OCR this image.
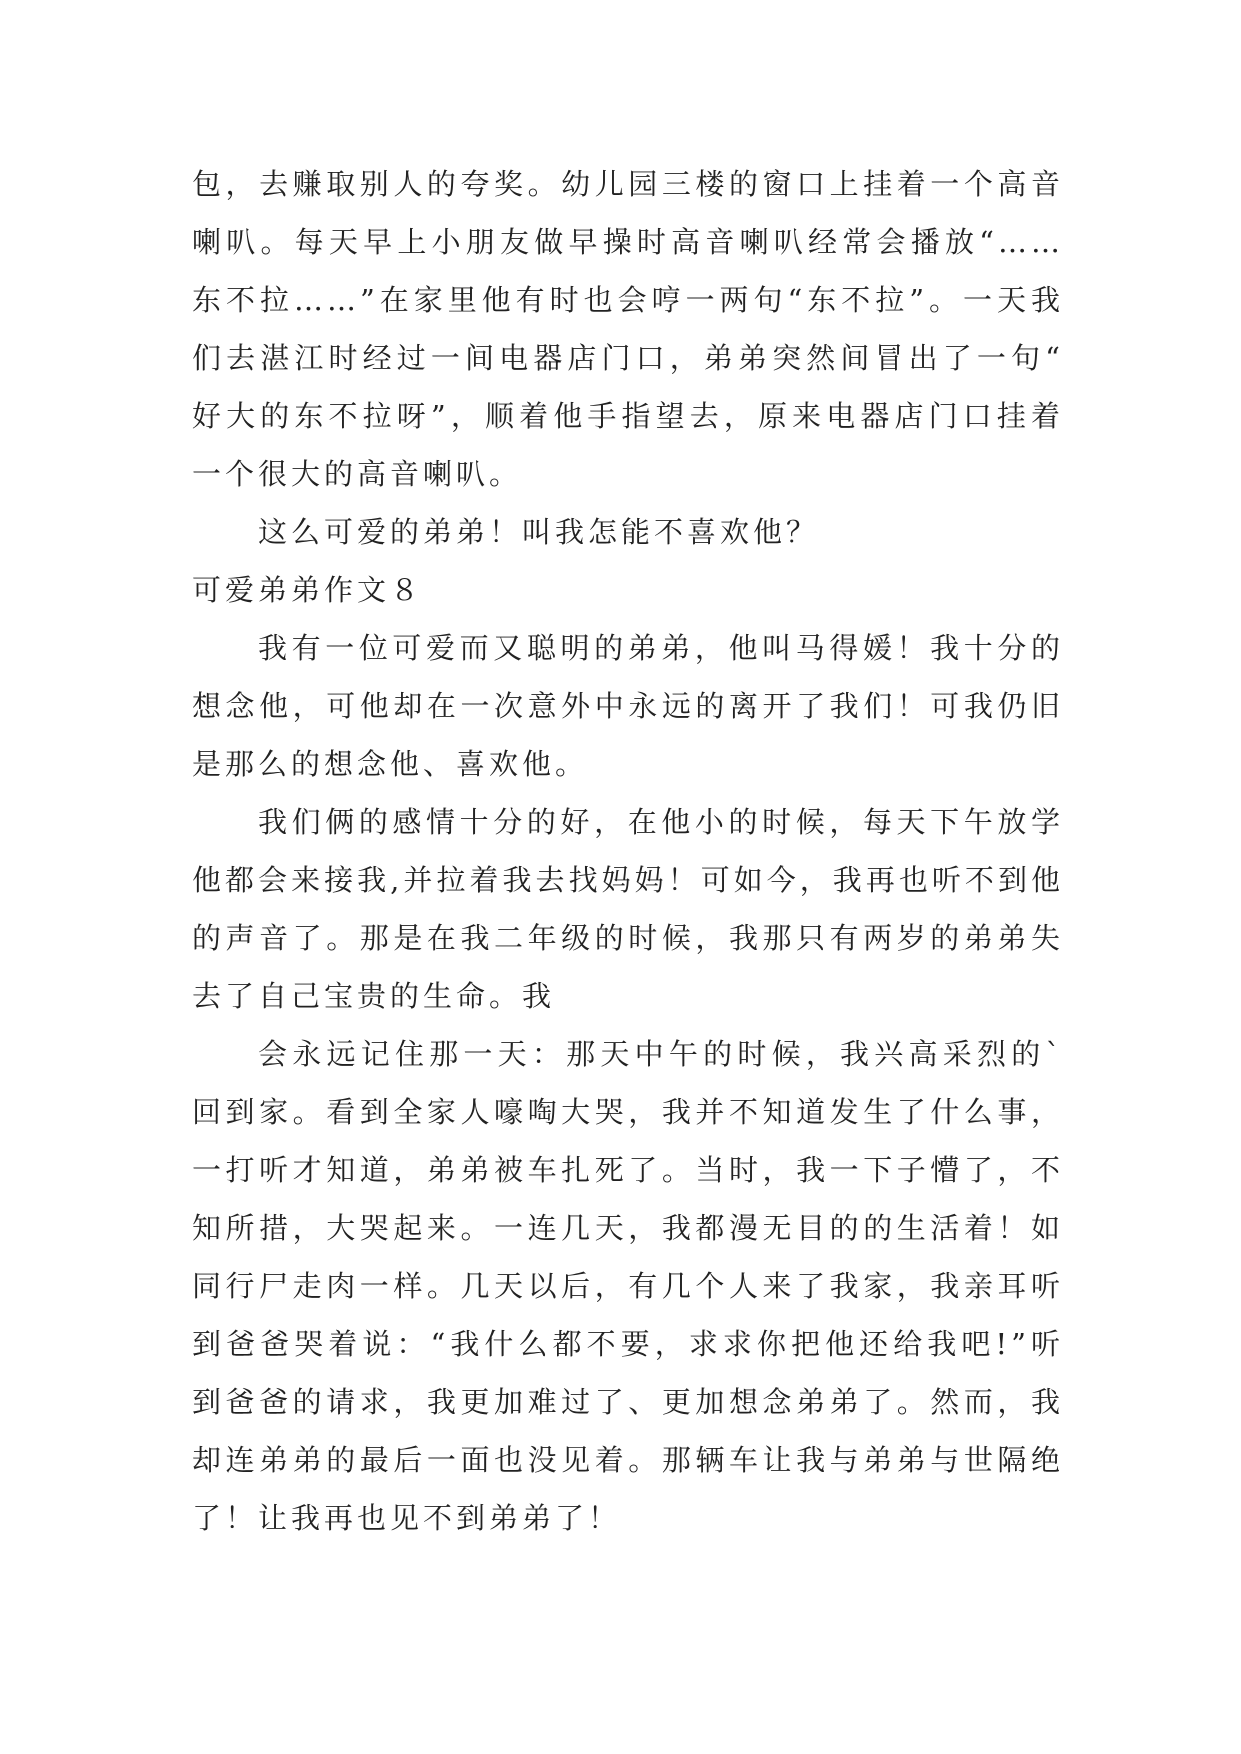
包，去赚取别人的夸奖。幼儿园三楼的窗口上挂着一个高音喇叭。每天早上小朋友做早操时高音喇叭经常会播放“……东不拉……”在家里他有时也会哼一两句“东不拉”。一天我们去湛江时经过一间电器店门口，弟弟突然间冒出了一句“好大的东不拉呀”，顺着他手指望去，原来电器店门口挂着一个很大的高音喇叭。

这么可爱的弟弟！叫我怎能不喜欢他？

可爱弟弟作文８

我有一位可爱而又聪明的弟弟，他叫马得媛！我十分的想念他，可他却在一次意外中永远的离开了我们！可我仍旧是那么的想念他、喜欢他。

我们俩的感情十分的好，在他小的时候，每天下午放学他都会来接我,并拉着我去找妈妈！可如今，我再也听不到他的声音了。那是在我二年级的时候，我那只有两岁的弟弟失去了自己宝贵的生命。我

会永远记住那一天：那天中午的时候，我兴高采烈的`回到家。看到全家人嚎啕大哭，我并不知道发生了什么事，一打听才知道，弟弟被车扎死了。当时，我一下子懵了，不知所措，大哭起来。一连几天，我都漫无目的的生活着！如同行尸走肉一样。几天以后，有几个人来了我家，我亲耳听到爸爸哭着说：“我什么都不要，求求你把他还给我吧!”听到爸爸的请求，我更加难过了、更加想念弟弟了。然而，我却连弟弟的最后一面也没见着。那辆车让我与弟弟与世隔绝了！让我再也见不到弟弟了！
